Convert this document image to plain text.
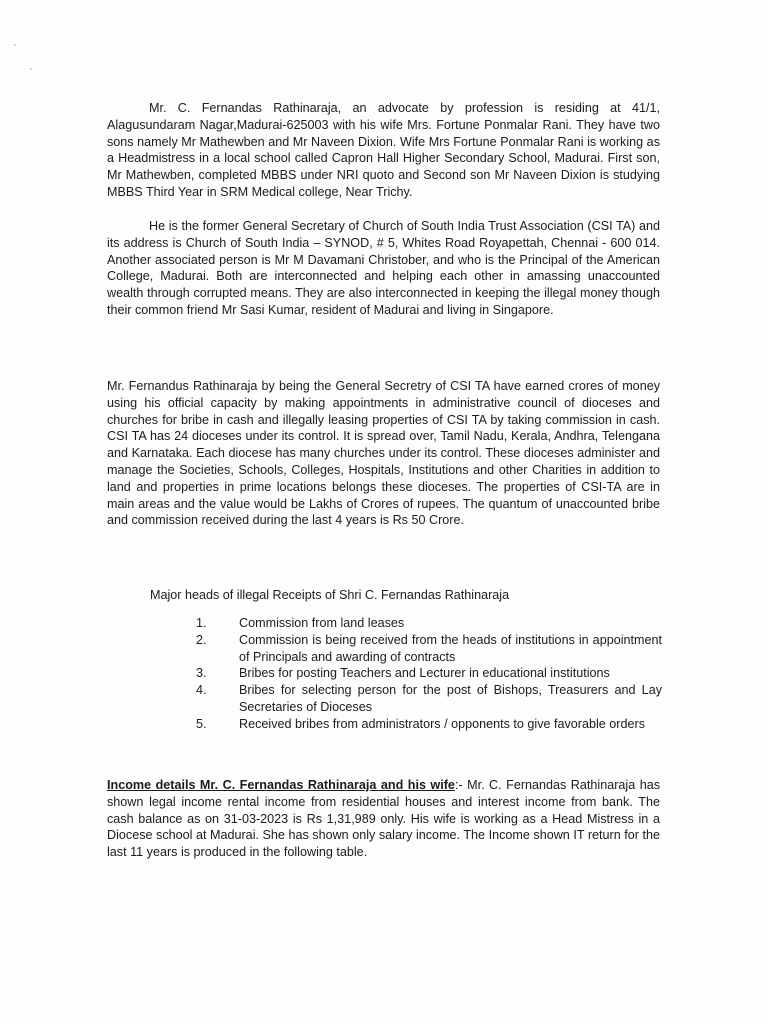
Mr. C. Fernandas Rathinaraja, an advocate by profession is residing at 41/1, Alagusundaram Nagar,Madurai-625003 with his wife Mrs. Fortune Ponmalar Rani. They have two sons namely Mr Mathewben and Mr Naveen Dixion. Wife Mrs Fortune Ponmalar Rani is working as a Headmistress in a local school called Capron Hall Higher Secondary School, Madurai. First son, Mr Mathewben, completed MBBS under NRI quoto and Second son Mr Naveen Dixion is studying MBBS Third Year in SRM Medical college, Near Trichy.

He is the former General Secretary of Church of South India Trust Association (CSI TA) and its address is Church of South India – SYNOD, # 5, Whites Road Royapettah, Chennai - 600 014. Another associated person is Mr M Davamani Christober, and who is the Principal of the American College, Madurai. Both are interconnected and helping each other in amassing unaccounted wealth through corrupted means. They are also interconnected in keeping the illegal money though their common friend Mr Sasi Kumar, resident of Madurai and living in Singapore.

Mr. Fernandus Rathinaraja by being the General Secretry of CSI TA have earned crores of money using his official capacity by making appointments in administrative council of dioceses and churches for bribe in cash and illegally leasing properties of CSI TA by taking commission in cash. CSI TA has 24 dioceses under its control. It is spread over, Tamil Nadu, Kerala, Andhra, Telengana and Karnataka. Each diocese has many churches under its control. These dioceses administer and manage the Societies, Schools, Colleges, Hospitals, Institutions and other Charities in addition to land and properties in prime locations belongs these dioceses. The properties of CSI-TA are in main areas and the value would be Lakhs of Crores of rupees. The quantum of unaccounted bribe and commission received during the last 4 years is Rs 50 Crore.

Major heads of illegal Receipts of Shri C. Fernandas Rathinaraja

1.	Commission from land leases
2.	Commission is being received from the heads of institutions in appointment of Principals and awarding of contracts
3.	Bribes for posting Teachers and Lecturer in educational institutions
4.	Bribes for selecting person for the post of Bishops, Treasurers and Lay Secretaries of Dioceses
5.	Received bribes from administrators / opponents to give favorable orders

Income details Mr. C. Fernandas Rathinaraja and his wife:- Mr. C. Fernandas Rathinaraja has shown legal income rental income from residential houses and interest income from bank. The cash balance as on 31-03-2023 is Rs 1,31,989 only. His wife is working as a Head Mistress in a Diocese school at Madurai. She has shown only salary income. The Income shown IT return for the last 11 years is produced in the following table.
